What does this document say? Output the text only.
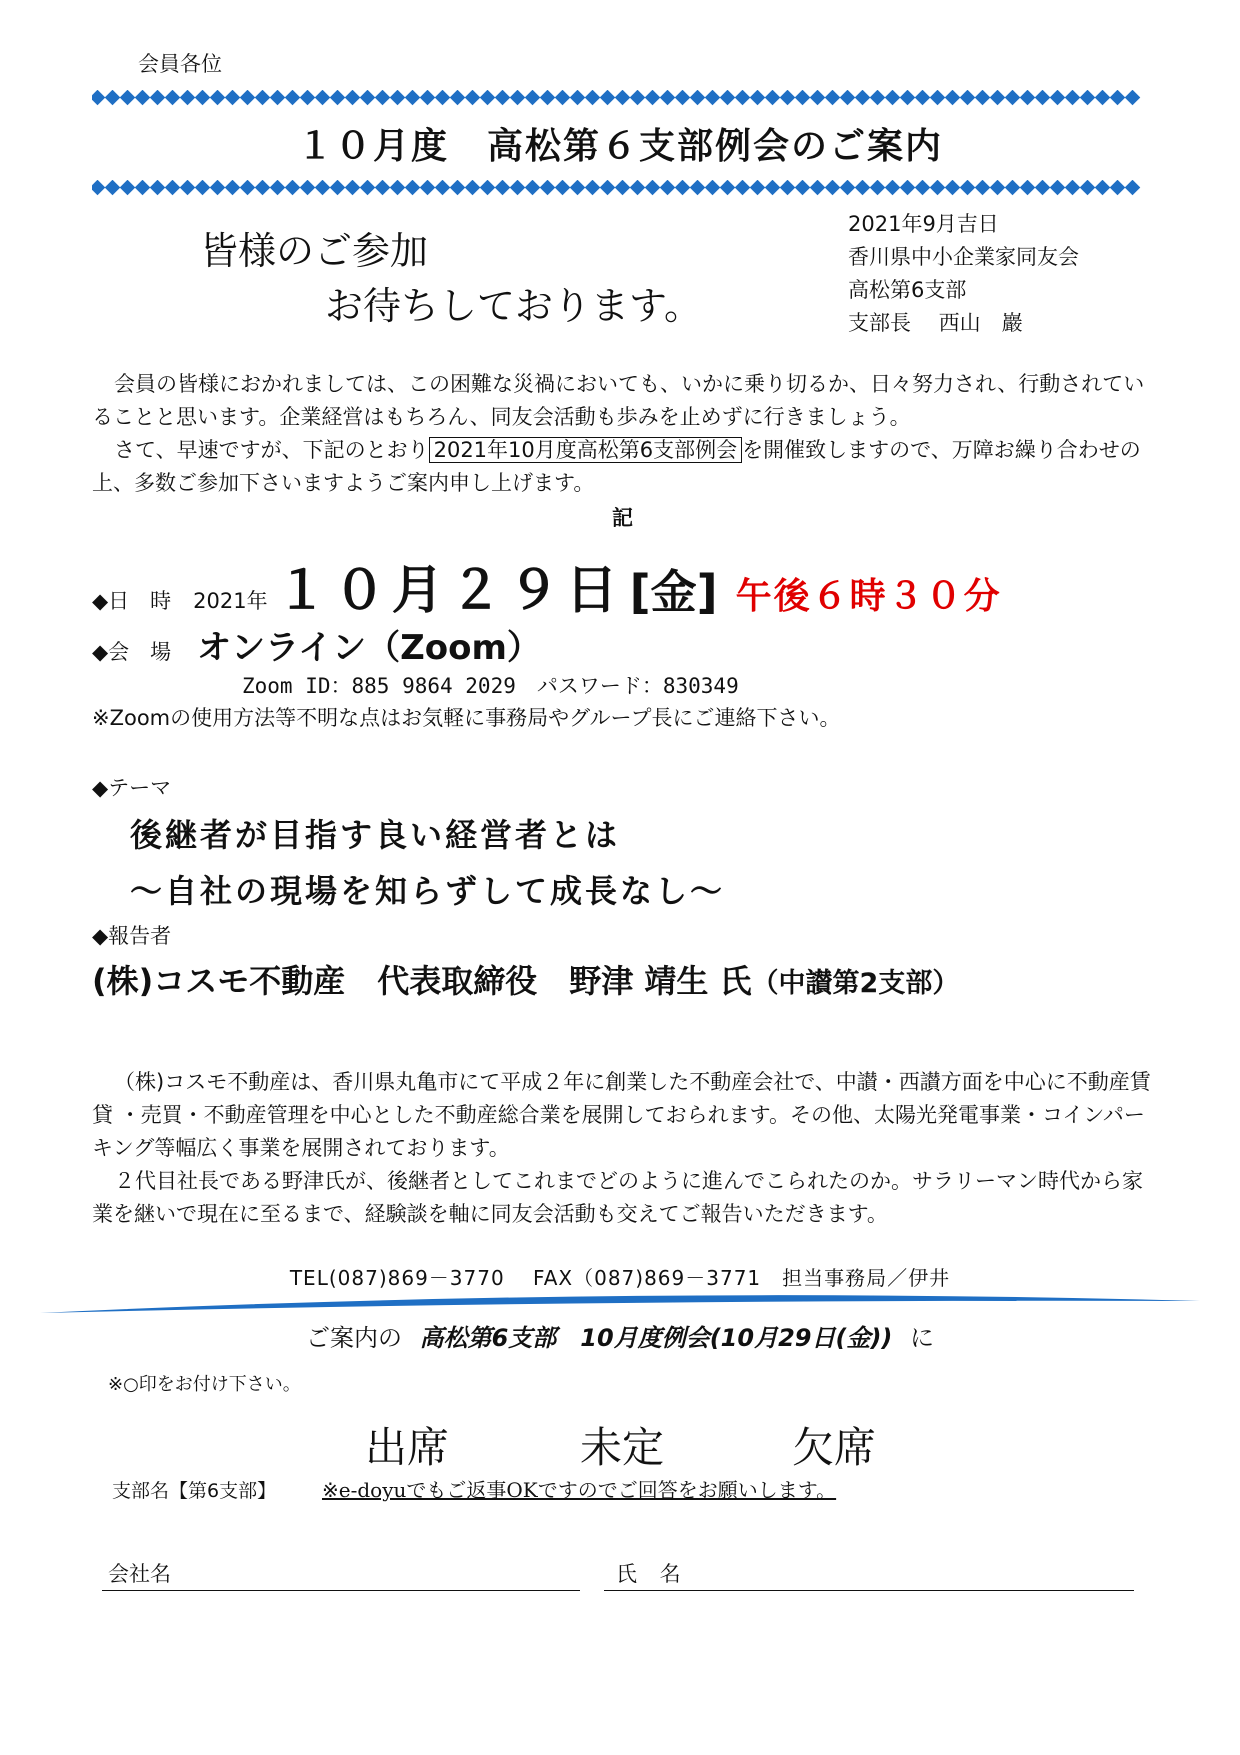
会員各位
１０月度　高松第６支部例会のご案内
皆様のご参加
お待ちしております。
2021年9月吉日
香川県中小企業家同友会
高松第6支部
支部長　 西山　巖
会員の皆様におかれましては、この困難な災禍においても、いかに乗り切るか、日々努力され、行動されていることと思います。企業経営はもちろん、同友会活動も歩みを止めずに行きましょう。
さて、早速ですが、下記のとおり 2021年10月度高松第6支部例会 を開催致しますので、万障お繰り合わせの上、多数ご参加下さいますようご案内申し上げます。
記
◆日　時 2021年 １０月２９日 [金] 午後６時３０分
◆会　場 オンライン（Zoom）
Zoom ID：885 9864 2029　パスワード：830349
※Zoomの使用方法等不明な点はお気軽に事務局やグループ長にご連絡下さい。
◆テーマ
後継者が目指す良い経営者とは
～自社の現場を知らずして成長なし～
◆報告者
(株)コスモ不動産　代表取締役　野津 靖生 氏（中讃第2支部）
（株)コスモ不動産は、香川県丸亀市にて平成２年に創業した不動産会社で、中讃・西讃方面を中心に不動産賃貸 ・売買・不動産管理を中心とした不動産総合業を展開しておられます。その他、太陽光発電事業・コインパーキング等幅広く事業を展開されております。
２代目社長である野津氏が、後継者としてこれまでどのように進んでこられたのか。サラリーマン時代から家業を継いで現在に至るまで、経験談を軸に同友会活動も交えてご報告いただきます。
TEL(087)869－3770　 FAX（087)869－3771　担当事務局／伊井
ご案内の 高松第6支部　10月度例会(10月29日(金)) に
※○印をお付け下さい。
出席	未定	欠席
支部名【第6支部】 ※e-doyuでもご返事OKですのでご回答をお願いします。
会社名	氏 名
